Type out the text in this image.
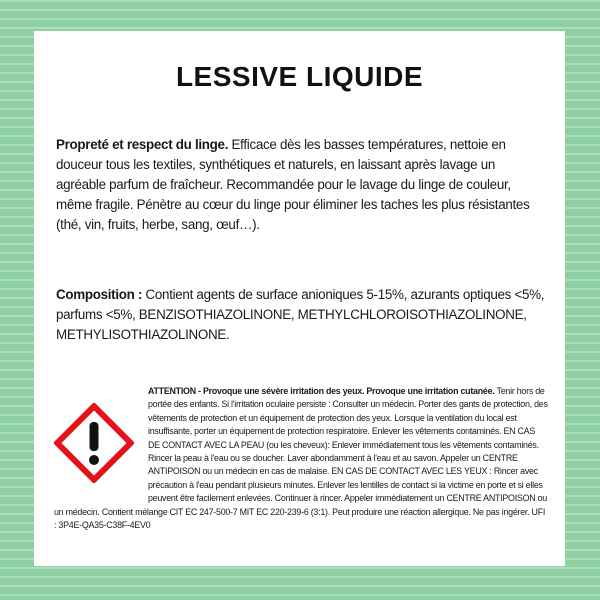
LESSIVE LIQUIDE
Propreté et respect du linge. Efficace dès les basses températures, nettoie en douceur tous les textiles, synthétiques et naturels, en laissant après lavage un agréable parfum de fraîcheur. Recommandée pour le lavage du linge de couleur, même fragile. Pénètre au cœur du linge pour éliminer les taches les plus résistantes (thé, vin, fruits, herbe, sang, œuf…).
Composition : Contient agents de surface anioniques 5-15%, azurants optiques <5%, parfums <5%, BENZISOTHIAZOLINONE, METHYLCHLOROISOTHIAZOLINONE, METHYLISOTHIAZOLINONE.
ATTENTION - Provoque une sévère irritation des yeux. Provoque une irritation cutanée. Tenir hors de portée des enfants. Si l'irritation oculaire persiste : Consulter un médecin. Porter des gants de protection, des vêtements de protection et un équipement de protection des yeux. Lorsque la ventilation du local est insuffisante, porter un équipement de protection respiratoire. Enlever les vêtements contaminés. EN CAS DE CONTACT AVEC LA PEAU (ou les cheveux): Enlever immédiatement tous les vêtements contaminés. Rincer la peau à l'eau ou se doucher. Laver abondamment à l'eau et au savon. Appeler un CENTRE ANTIPOISON ou un médecin en cas de malaise. EN CAS DE CONTACT AVEC LES YEUX : Rincer avec précaution à l'eau pendant plusieurs minutes. Enlever les lentilles de contact si la victime en porte et si elles peuvent être facilement enlevées. Continuer à rincer. Appeler immédiatement un CENTRE ANTIPOISON ou un médecin. Contient mélange CIT EC 247-500-7 MIT EC 220-239-6 (3:1). Peut produire une réaction allergique. Ne pas ingérer. UFI : 3P4E-QA35-C38F-4EV0
